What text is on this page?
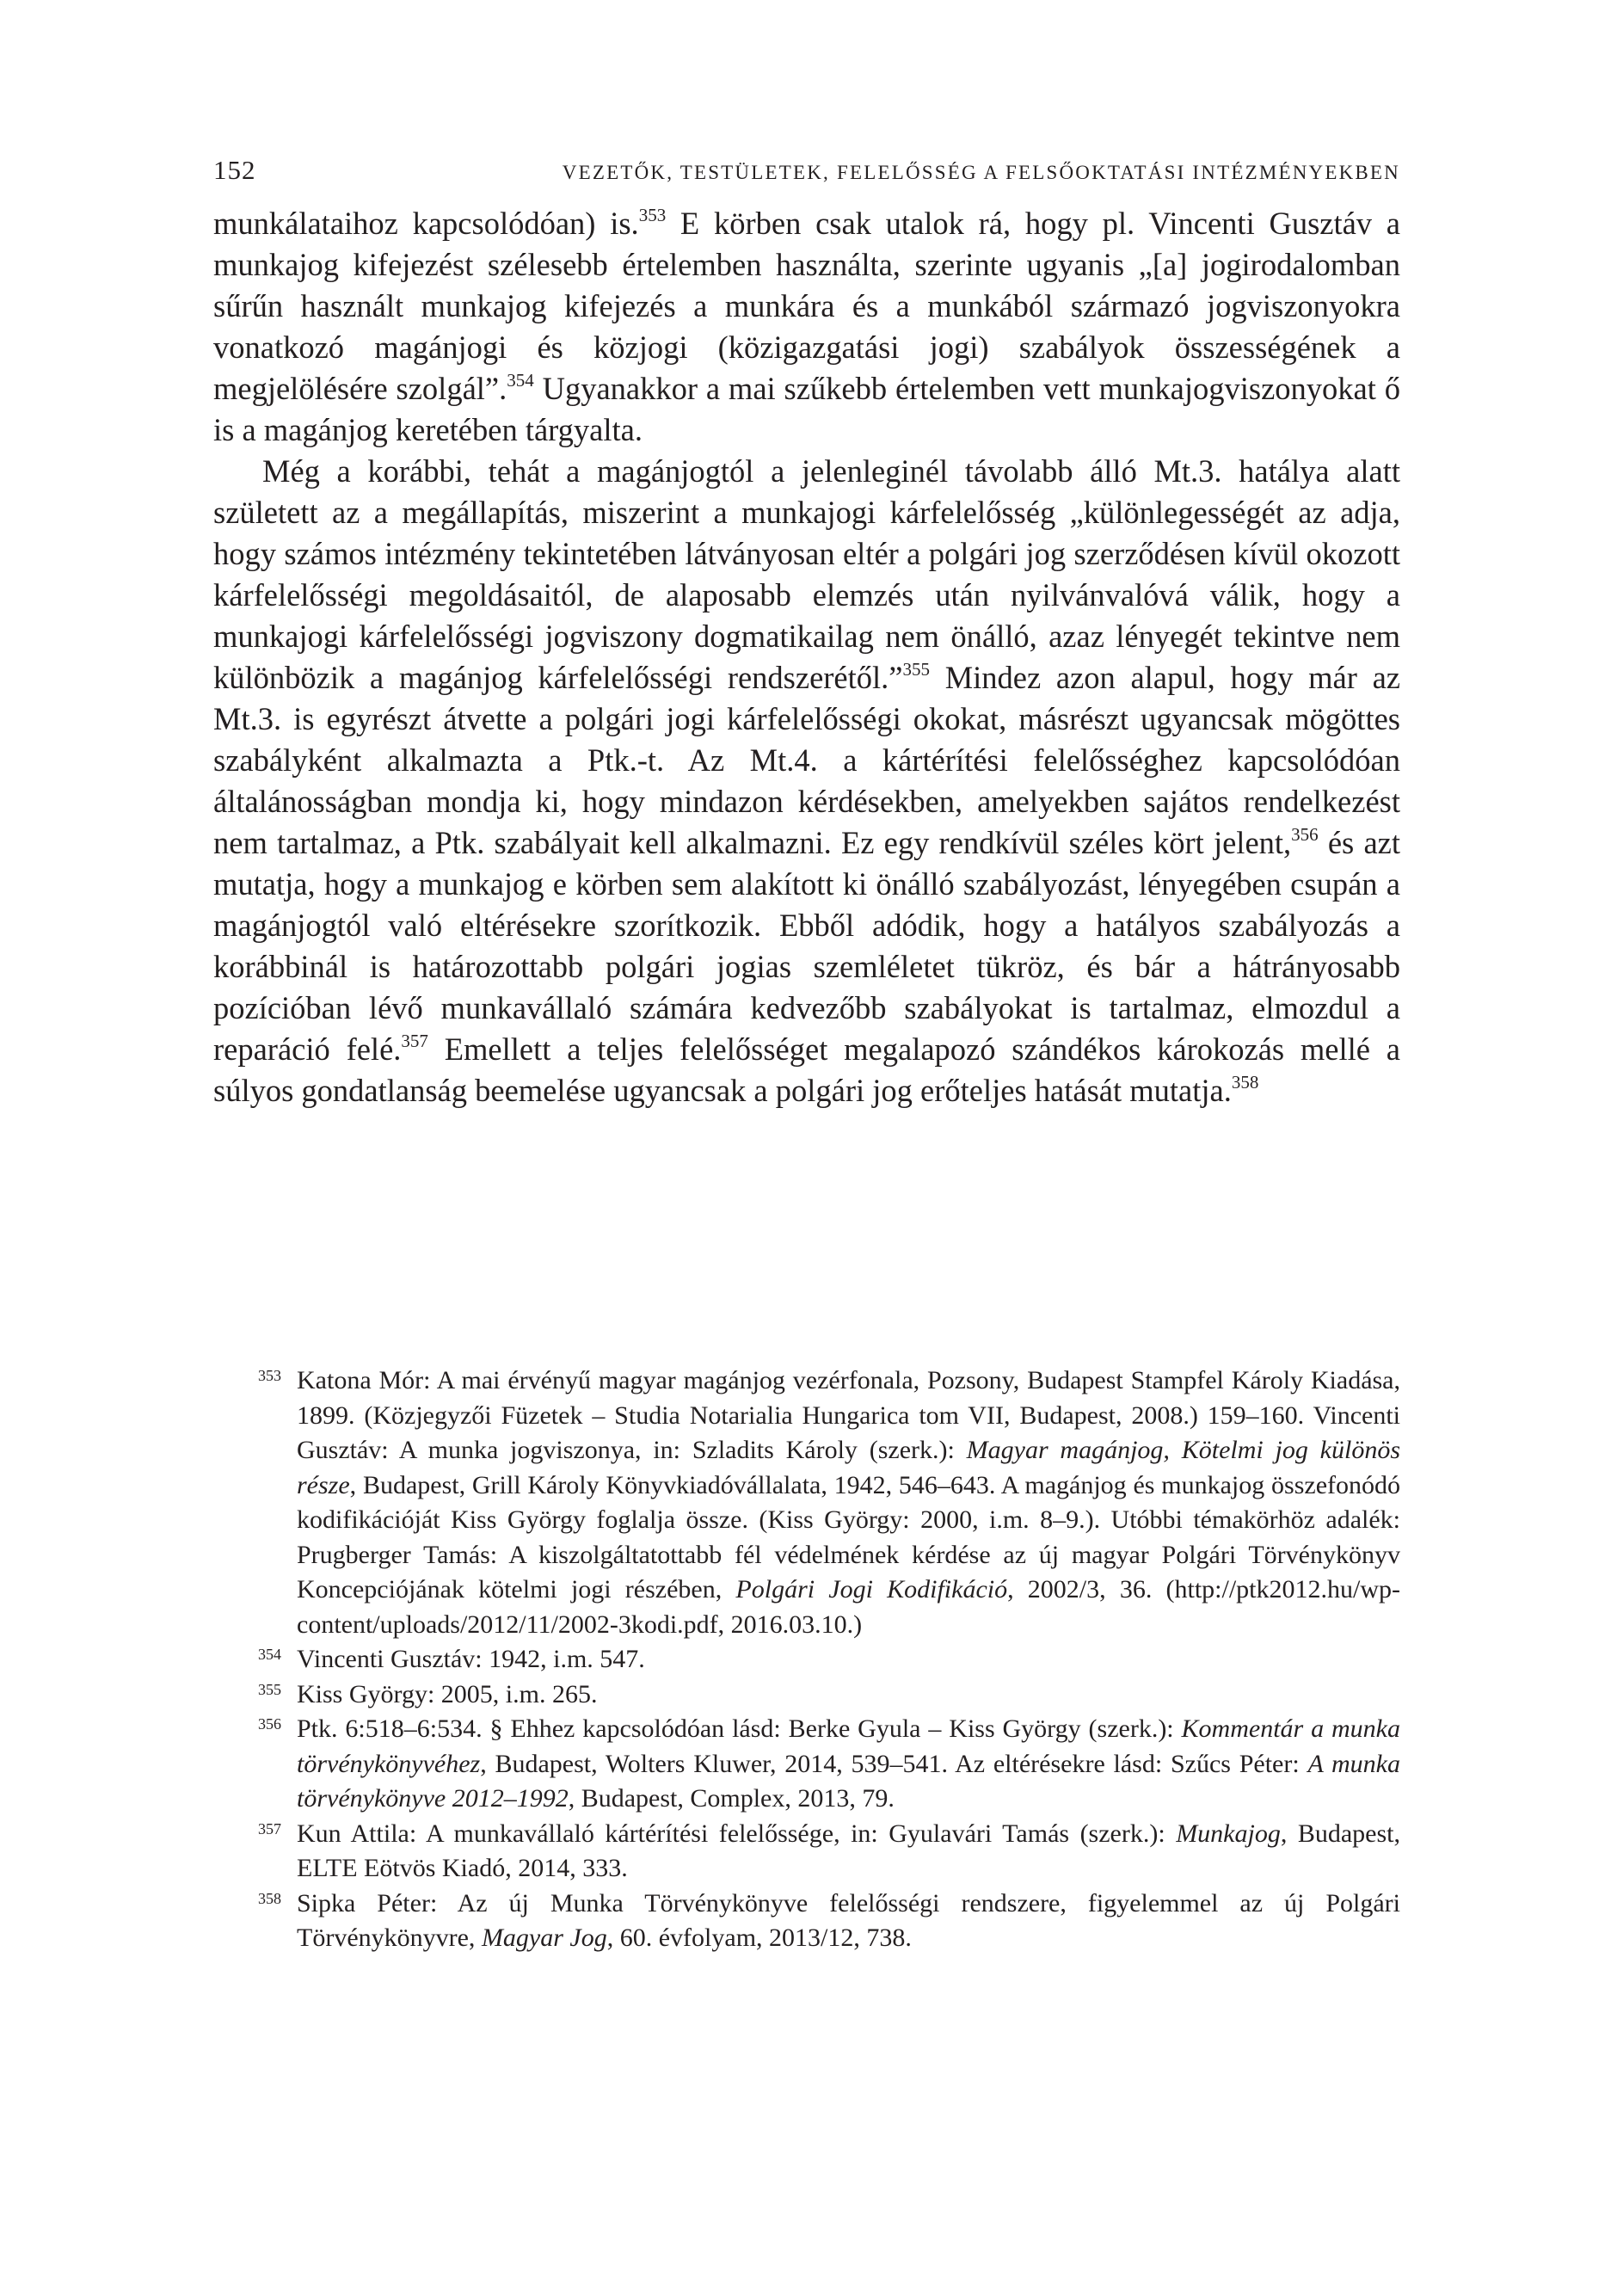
152	VEZETŐK, TESTÜLETEK, FELELŐSSÉG A FELSŐOKTATÁSI INTÉZMÉNYEKBEN

munkálataihoz kapcsolódóan) is.$^{353}$ E körben csak utalok rá, hogy pl. Vincenti Gusztáv a munkajog kifejezést szélesebb értelemben használta, szerinte ugyanis „[a] jogirodalomban sűrűn használt munkajog kifejezés a munkára és a munkából származó jogviszonyokra vonatkozó magánjogi és közjogi (közigazgatási jogi) szabályok összességének a megjelölésére szolgál”.$^{354}$ Ugyanakkor a mai szűkebb értelemben vett munkajogviszonyokat ő is a magánjog keretében tárgyalta.

Még a korábbi, tehát a magánjogtól a jelenleginél távolabb álló Mt.3. hatálya alatt született az a megállapítás, miszerint a munkajogi kárfelelősség „különlegességét az adja, hogy számos intézmény tekintetében látványosan eltér a polgári jog szerződésen kívül okozott kárfelelősségi megoldásaitól, de alaposabb elemzés után nyilvánvalóvá válik, hogy a munkajogi kárfelelősségi jogviszony dogmatikailag nem önálló, azaz lényegét tekintve nem különbözik a magánjog kárfelelősségi rendszerétől.”$^{355}$ Mindez azon alapul, hogy már az Mt.3. is egyrészt átvette a polgári jogi kárfelelősségi okokat, másrészt ugyancsak mögöttes szabályként alkalmazta a Ptk.-t. Az Mt.4. a kártérítési felelősséghez kapcsolódóan általánosságban mondja ki, hogy mindazon kérdésekben, amelyekben sajátos rendelkezést nem tartalmaz, a Ptk. szabályait kell alkalmazni. Ez egy rendkívül széles kört jelent,$^{356}$ és azt mutatja, hogy a munkajog e körben sem alakított ki önálló szabályozást, lényegében csupán a magánjogtól való eltérésekre szorítkozik. Ebből adódik, hogy a hatályos szabályozás a korábbinál is határozottabb polgári jogias szemléletet tükröz, és bár a hátrányosabb pozícióban lévő munkavállaló számára kedvezőbb szabályokat is tartalmaz, elmozdul a reparáció felé.$^{357}$ Emellett a teljes felelősséget megalapozó szándékos károkozás mellé a súlyos gondatlanság beemelése ugyancsak a polgári jog erőteljes hatását mutatja.$^{358}$

353 Katona Mór: A mai érvényű magyar magánjog vezérfonala, Pozsony, Budapest Stampfel Károly Kiadása, 1899. (Közjegyzői Füzetek – Studia Notarialia Hungarica tom VII, Budapest, 2008.) 159–160. Vincenti Gusztáv: A munka jogviszonya, in: Szladits Károly (szerk.): Magyar magánjog, Kötelmi jog különös része, Budapest, Grill Károly Könyvkiadóvállalata, 1942, 546–643. A magánjog és munkajog összefonódó kodifikációját Kiss György foglalja össze. (Kiss György: 2000, i.m. 8–9.). Utóbbi témakörhöz adalék: Prugberger Tamás: A kiszolgáltatottabb fél védelmének kérdése az új magyar Polgári Törvénykönyv Koncepciójának kötelmi jogi részében, Polgári Jogi Kodifikáció, 2002/3, 36. (http://ptk2012.hu/wp-content/uploads/2012/11/2002-3kodi.pdf, 2016.03.10.)
354 Vincenti Gusztáv: 1942, i.m. 547.
355 Kiss György: 2005, i.m. 265.
356 Ptk. 6:518–6:534. § Ehhez kapcsolódóan lásd: Berke Gyula – Kiss György (szerk.): Kommentár a munka törvénykönyvéhez, Budapest, Wolters Kluwer, 2014, 539–541. Az eltérésekre lásd: Szűcs Péter: A munka törvénykönyve 2012–1992, Budapest, Complex, 2013, 79.
357 Kun Attila: A munkavállaló kártérítési felelőssége, in: Gyulavári Tamás (szerk.): Munkajog, Budapest, ELTE Eötvös Kiadó, 2014, 333.
358 Sipka Péter: Az új Munka Törvénykönyve felelősségi rendszere, figyelemmel az új Polgári Törvénykönyvre, Magyar Jog, 60. évfolyam, 2013/12, 738.
